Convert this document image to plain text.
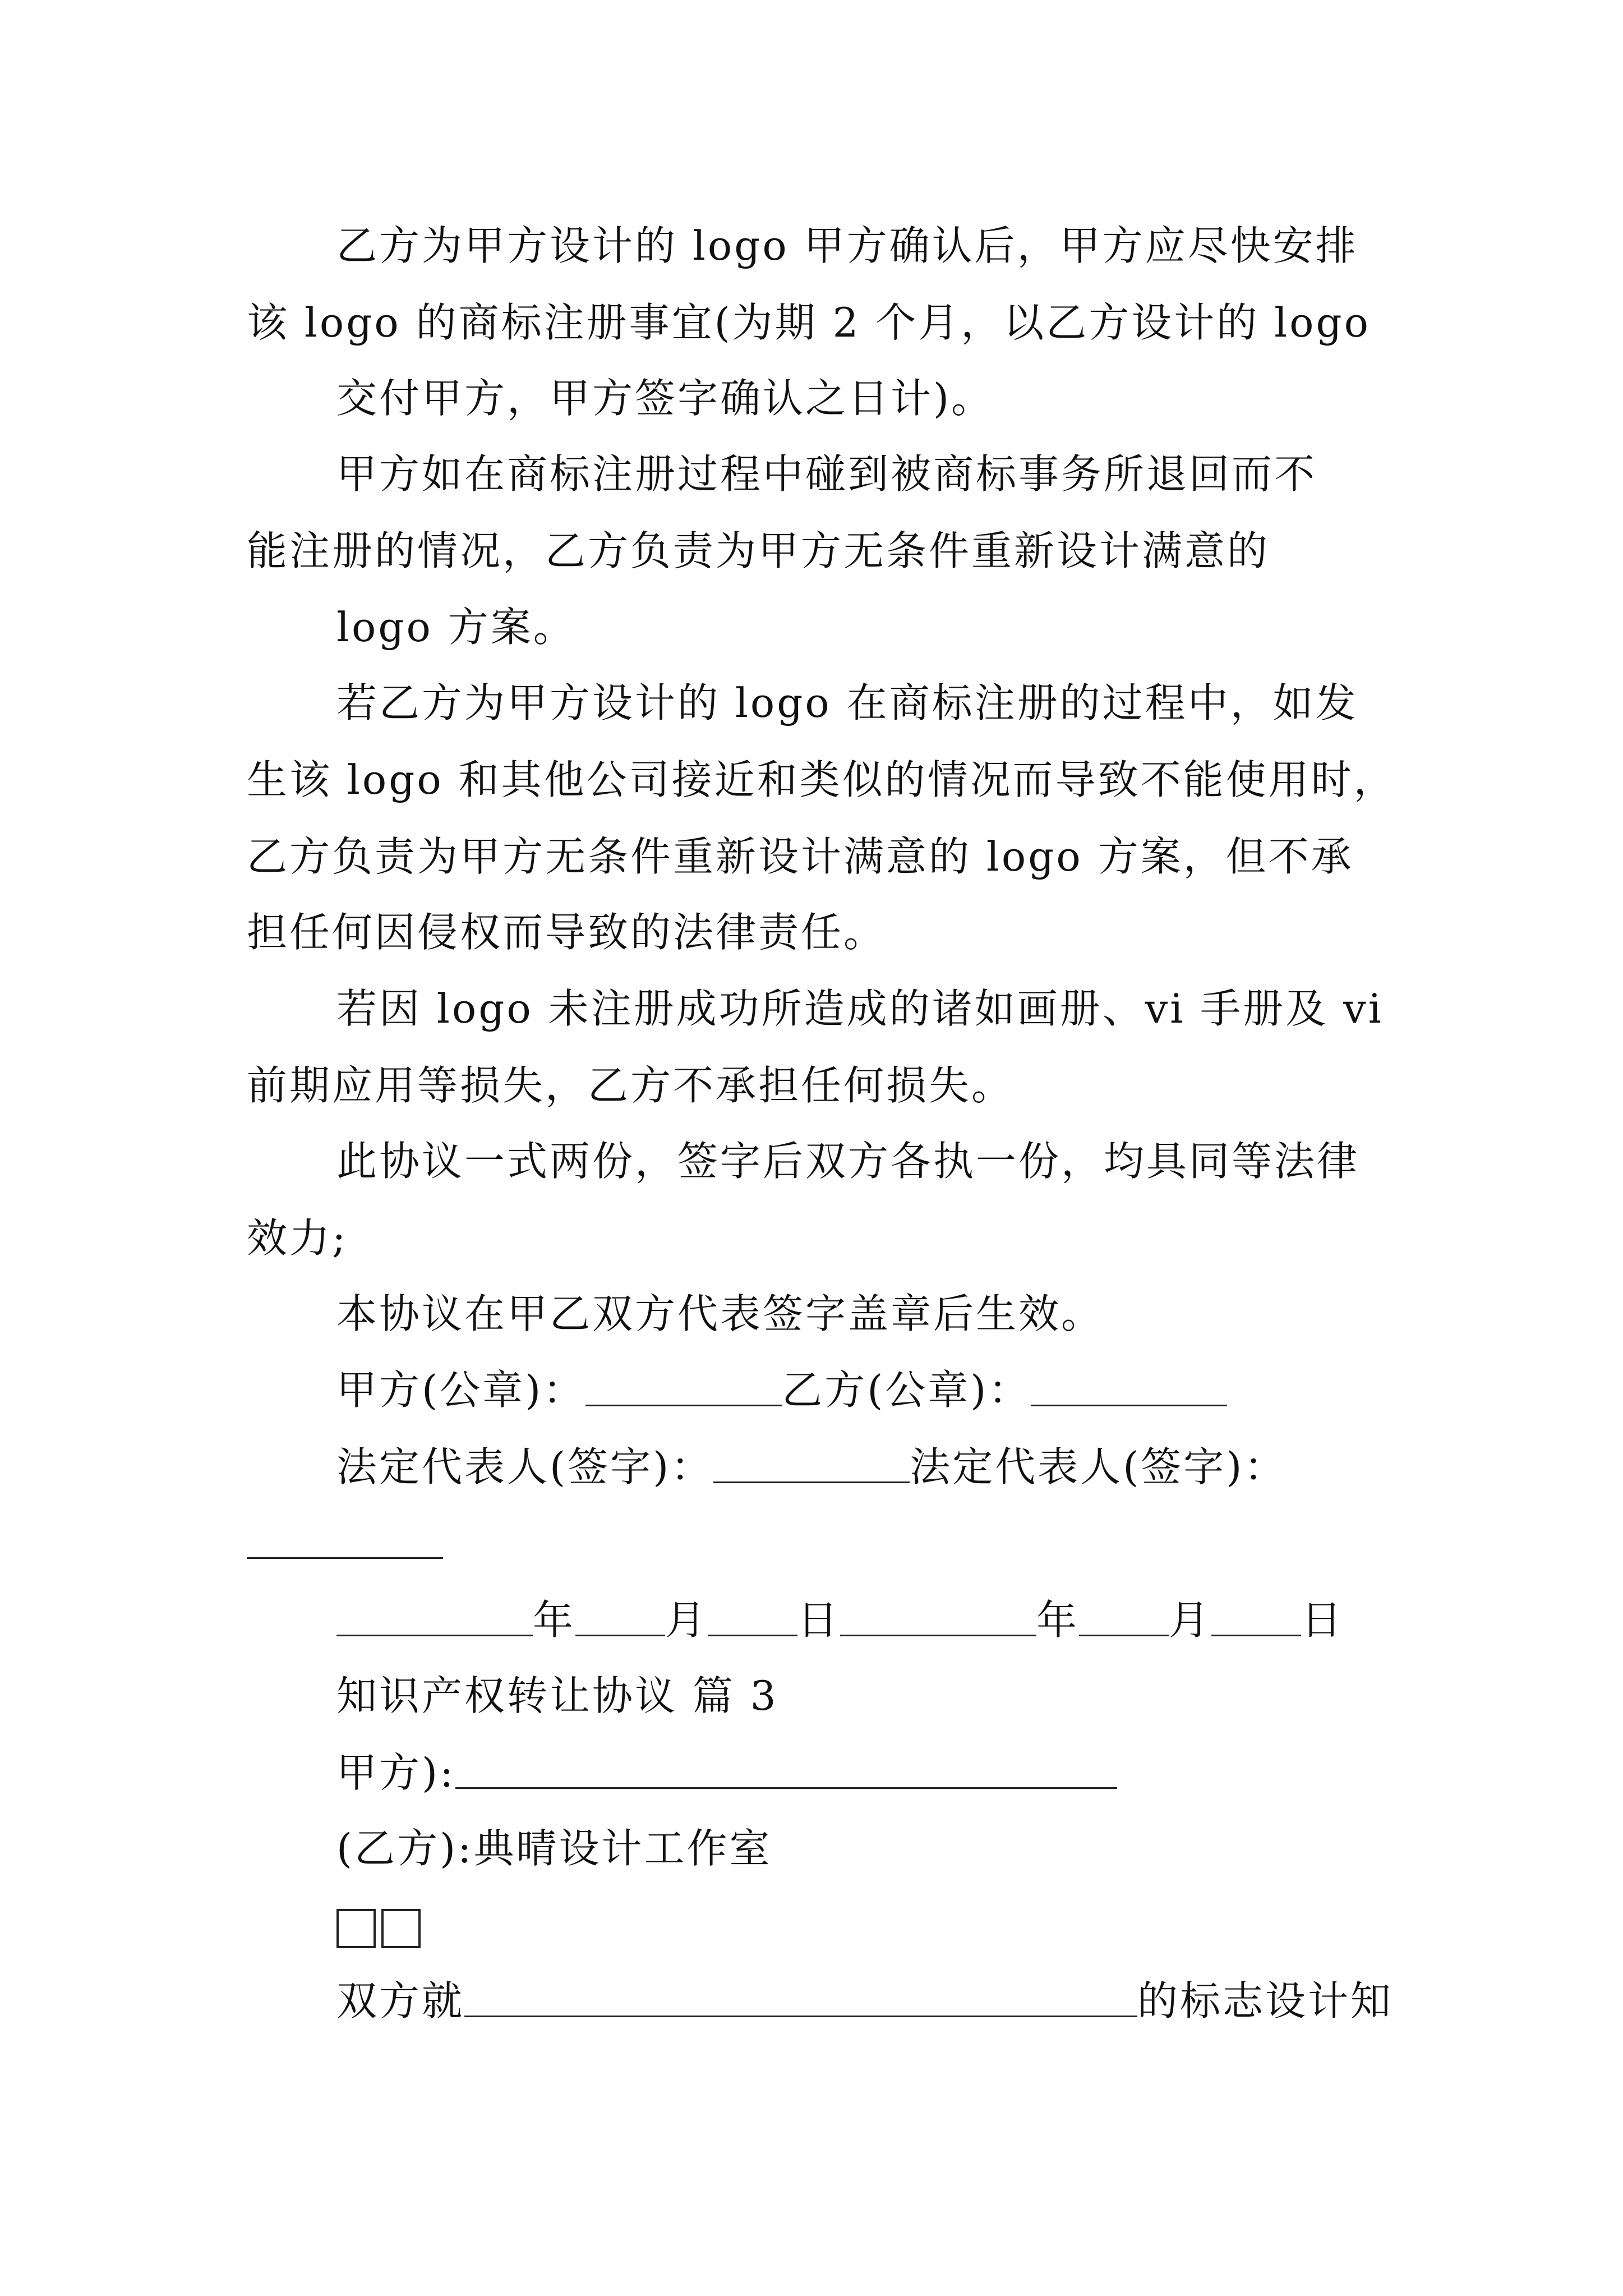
乙方为甲方设计的 logo 甲方确认后，甲方应尽快安排
该 logo 的商标注册事宜(为期 2 个月，以乙方设计的 logo
交付甲方，甲方签字确认之日计)。
甲方如在商标注册过程中碰到被商标事务所退回而不
能注册的情况，乙方负责为甲方无条件重新设计满意的
logo 方案。
若乙方为甲方设计的 logo 在商标注册的过程中，如发
生该 logo 和其他公司接近和类似的情况而导致不能使用时，
乙方负责为甲方无条件重新设计满意的 logo 方案，但不承
担任何因侵权而导致的法律责任。
若因 logo 未注册成功所造成的诸如画册、vi 手册及 vi
前期应用等损失，乙方不承担任何损失。
此协议一式两份，签字后双方各执一份，均具同等法律
效力;
本协议在甲乙双方代表签字盖章后生效。
甲方(公章)：	乙方(公章)：
法定代表人(签字)：	法定代表人(签字)：
年 月 日	年 月 日
知识产权转让协议 篇 3
甲方):
(乙方):典晴设计工作室
双方就	的标志设计知
